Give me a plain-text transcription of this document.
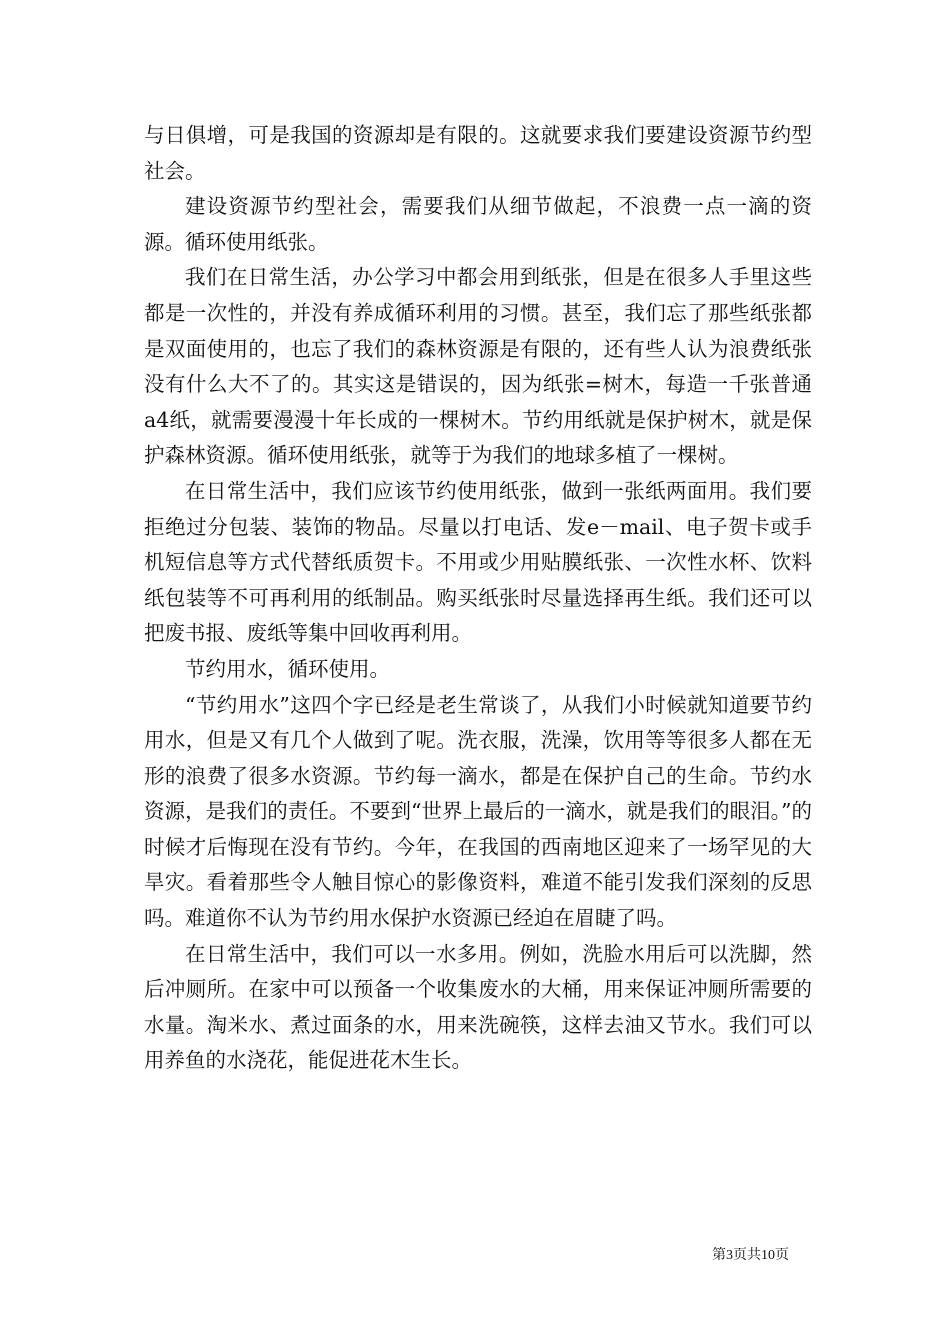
与日俱增，可是我国的资源却是有限的。这就要求我们要建设资源节约型社会。

建设资源节约型社会，需要我们从细节做起，不浪费一点一滴的资源。循环使用纸张。

我们在日常生活，办公学习中都会用到纸张，但是在很多人手里这些都是一次性的，并没有养成循环利用的习惯。甚至，我们忘了那些纸张都是双面使用的，也忘了我们的森林资源是有限的，还有些人认为浪费纸张没有什么大不了的。其实这是错误的，因为纸张=树木，每造一千张普通a4纸，就需要漫漫十年长成的一棵树木。节约用纸就是保护树木，就是保护森林资源。循环使用纸张，就等于为我们的地球多植了一棵树。

在日常生活中，我们应该节约使用纸张，做到一张纸两面用。我们要拒绝过分包装、装饰的物品。尽量以打电话、发e－mail、电子贺卡或手机短信息等方式代替纸质贺卡。不用或少用贴膜纸张、一次性水杯、饮料纸包装等不可再利用的纸制品。购买纸张时尽量选择再生纸。我们还可以把废书报、废纸等集中回收再利用。

节约用水，循环使用。

“节约用水”这四个字已经是老生常谈了，从我们小时候就知道要节约用水，但是又有几个人做到了呢。洗衣服，洗澡，饮用等等很多人都在无形的浪费了很多水资源。节约每一滴水，都是在保护自己的生命。节约水资源，是我们的责任。不要到“世界上最后的一滴水，就是我们的眼泪。”的时候才后悔现在没有节约。今年，在我国的西南地区迎来了一场罕见的大旱灾。看着那些令人触目惊心的影像资料，难道不能引发我们深刻的反思吗。难道你不认为节约用水保护水资源已经迫在眉睫了吗。

在日常生活中，我们可以一水多用。例如，洗脸水用后可以洗脚，然后冲厕所。在家中可以预备一个收集废水的大桶，用来保证冲厕所需要的水量。淘米水、煮过面条的水，用来洗碗筷，这样去油又节水。我们可以用养鱼的水浇花，能促进花木生长。

第3页共10页
